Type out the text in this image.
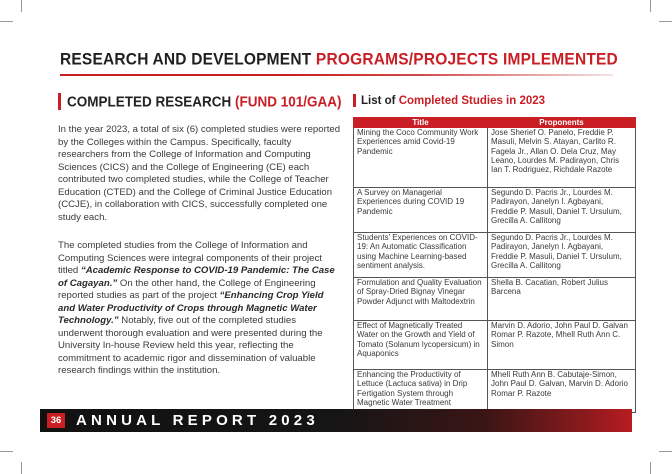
RESEARCH AND DEVELOPMENT PROGRAMS/PROJECTS IMPLEMENTED
COMPLETED RESEARCH (FUND 101/GAA)

In the year 2023, a total of six (6) completed studies were reported by the Colleges within the Campus. Specifically, faculty researchers from the College of Information and Computing Sciences (CICS) and the College of Engineering (CE) each contributed two completed studies, while the College of Teacher Education (CTED) and the College of Criminal Justice Education (CCJE), in collaboration with CICS, successfully completed one study each.

The completed studies from the College of Information and Computing Sciences were integral components of their project titled “Academic Response to COVID-19 Pandemic: The Case of Cagayan.” On the other hand, the College of Engineering reported studies as part of the project “Enhancing Crop Yield and Water Productivity of Crops through Magnetic Water Technology.” Notably, five out of the completed studies underwent thorough evaluation and were presented during the University In-house Review held this year, reflecting the commitment to academic rigor and dissemination of valuable research findings within the institution.

List of Completed Studies in 2023
Title	Proponents
Mining the Coco Community Work Experiences amid Covid-19 Pandemic	Jose Sherief O. Panelo, Freddie P. Masuli, Melvin S. Atayan, Carlito R. Fagela Jr., Allan O. Dela Cruz, May Leano, Lourdes M. Padirayon, Chris Ian T. Rodriguez, Richdale Razote
A Survey on Managerial Experiences during COVID 19 Pandemic	Segundo D. Pacris Jr., Lourdes M. Padirayon, Janelyn I. Agbayani, Freddie P. Masuli, Daniel T. Ursulum, Grecilla A. Callitong
Students’ Experiences on COVID-19: An Automatic Classification using Machine Learning-based sentiment analysis.	Segundo D. Pacris Jr., Lourdes M. Padirayon, Janelyn I. Agbayani, Freddie P. Masuli, Daniel T. Ursulum, Grecilla A. Callitong
Formulation and Quality Evaluation of Spray-Dried Bignay Vinegar Powder Adjunct with Maltodextrin	Shella B. Cacatian, Robert Julius Barcena
Effect of Magnetically Treated Water on the Growth and Yield of Tomato (Solanum lycopersicum) in Aquaponics	Marvin D. Adorio, John Paul D. Galvan
Romar P. Razote, Mhell Ruth Ann C. Simon
Enhancing the Productivity of Lettuce (Lactuca sativa) in Drip Fertigation System through Magnetic Water Treatment	Mhell Ruth Ann B. Cabutaje-Simon, John Paul D. Galvan, Marvin D. Adorio
Romar P. Razote
36 ANNUAL REPORT 2023
